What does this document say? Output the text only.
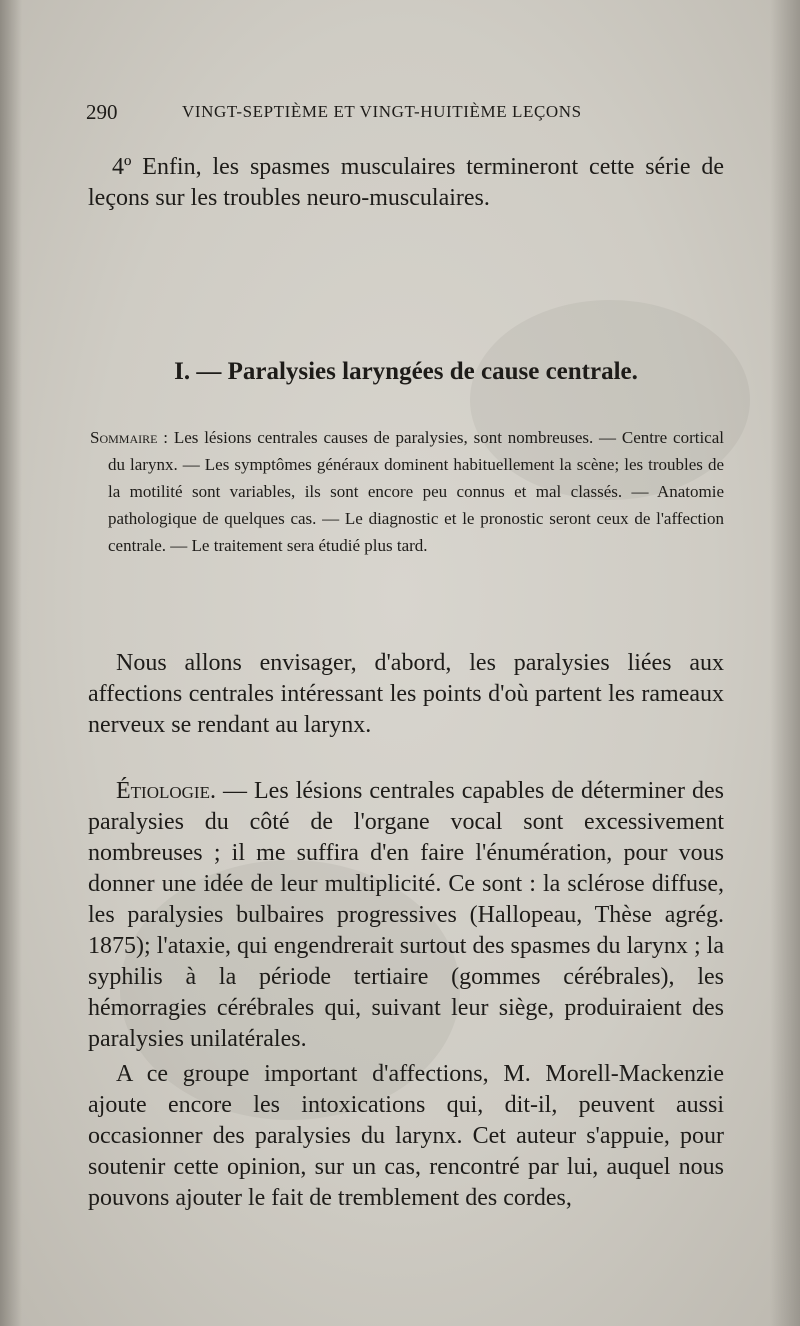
290	VINGT-SEPTIÈME ET VINGT-HUITIÈME LEÇONS

4º Enfin, les spasmes musculaires termineront cette série de leçons sur les troubles neuro-musculaires.

I. — Paralysies laryngées de cause centrale.

Sommaire : Les lésions centrales causes de paralysies, sont nombreuses. — Centre cortical du larynx. — Les symptômes généraux dominent habituellement la scène; les troubles de la motilité sont variables, ils sont encore peu connus et mal classés. — Anatomie pathologique de quelques cas. — Le diagnostic et le pronostic seront ceux de l'affection centrale. — Le traitement sera étudié plus tard.

Nous allons envisager, d'abord, les paralysies liées aux affections centrales intéressant les points d'où partent les rameaux nerveux se rendant au larynx.

Étiologie. — Les lésions centrales capables de déterminer des paralysies du côté de l'organe vocal sont excessivement nombreuses ; il me suffira d'en faire l'énumération, pour vous donner une idée de leur multiplicité. Ce sont : la sclérose diffuse, les paralysies bulbaires progressives (Hallopeau, Thèse agrég. 1875); l'ataxie, qui engendrerait surtout des spasmes du larynx ; la syphilis à la période tertiaire (gommes cérébrales), les hémorragies cérébrales qui, suivant leur siège, produiraient des paralysies unilatérales.

A ce groupe important d'affections, M. Morell-Mackenzie ajoute encore les intoxications qui, dit-il, peuvent aussi occasionner des paralysies du larynx. Cet auteur s'appuie, pour soutenir cette opinion, sur un cas, rencontré par lui, auquel nous pouvons ajouter le fait de tremblement des cordes,
